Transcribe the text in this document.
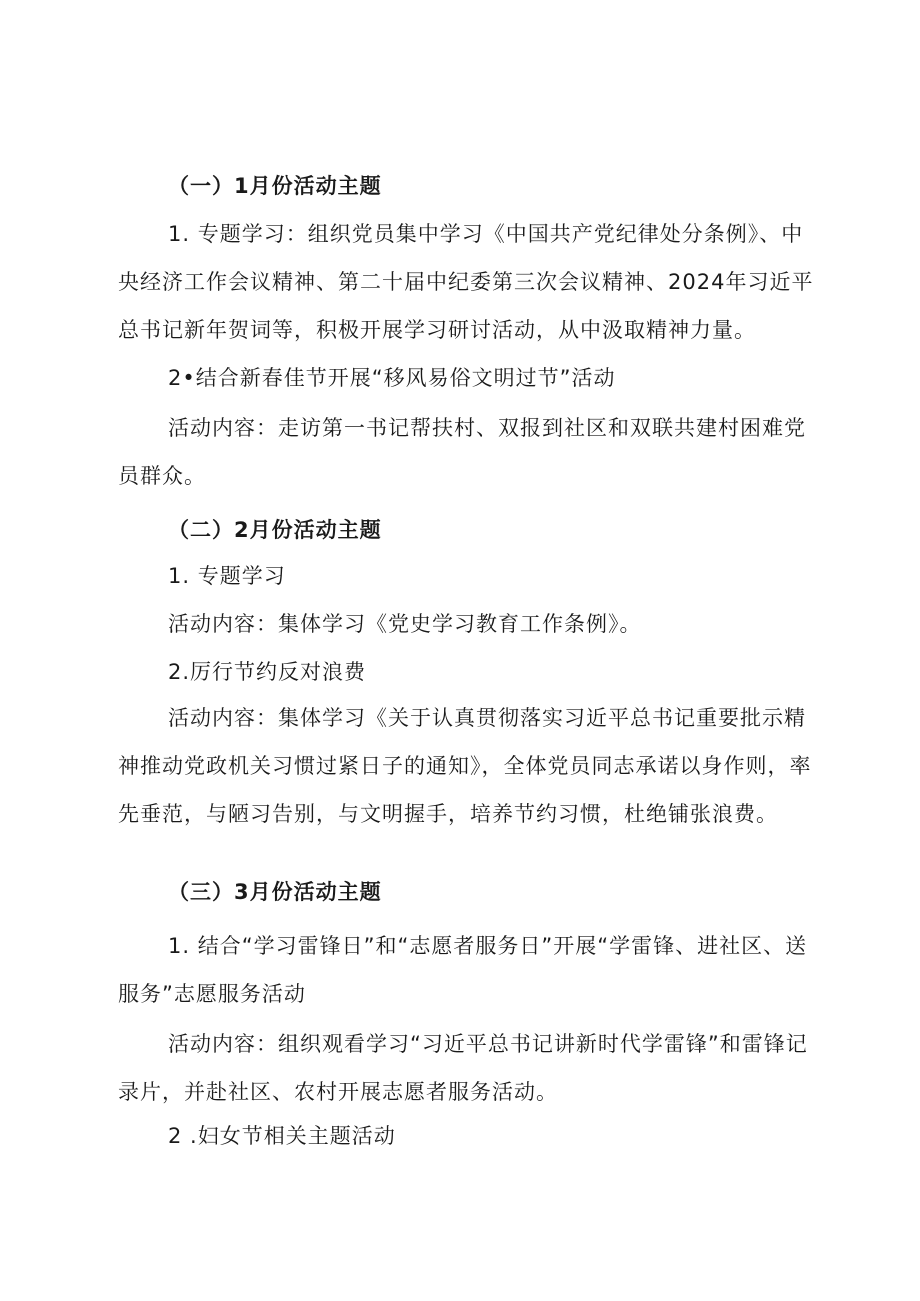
（一）1月份活动主题

1. 专题学习：组织党员集中学习《中国共产党纪律处分条例》、中央经济工作会议精神、第二十届中纪委第三次会议精神、2024年习近平总书记新年贺词等，积极开展学习研讨活动，从中汲取精神力量。

2•结合新春佳节开展“移风易俗文明过节”活动

活动内容：走访第一书记帮扶村、双报到社区和双联共建村困难党员群众。

（二）2月份活动主题

1. 专题学习

活动内容：集体学习《党史学习教育工作条例》。

2.厉行节约反对浪费

活动内容：集体学习《关于认真贯彻落实习近平总书记重要批示精神推动党政机关习惯过紧日子的通知》，全体党员同志承诺以身作则，率先垂范，与陋习告别，与文明握手，培养节约习惯，杜绝铺张浪费。

（三）3月份活动主题

1. 结合“学习雷锋日”和“志愿者服务日”开展“学雷锋、进社区、送服务”志愿服务活动

活动内容：组织观看学习“习近平总书记讲新时代学雷锋”和雷锋记录片，并赴社区、农村开展志愿者服务活动。

2 .妇女节相关主题活动
